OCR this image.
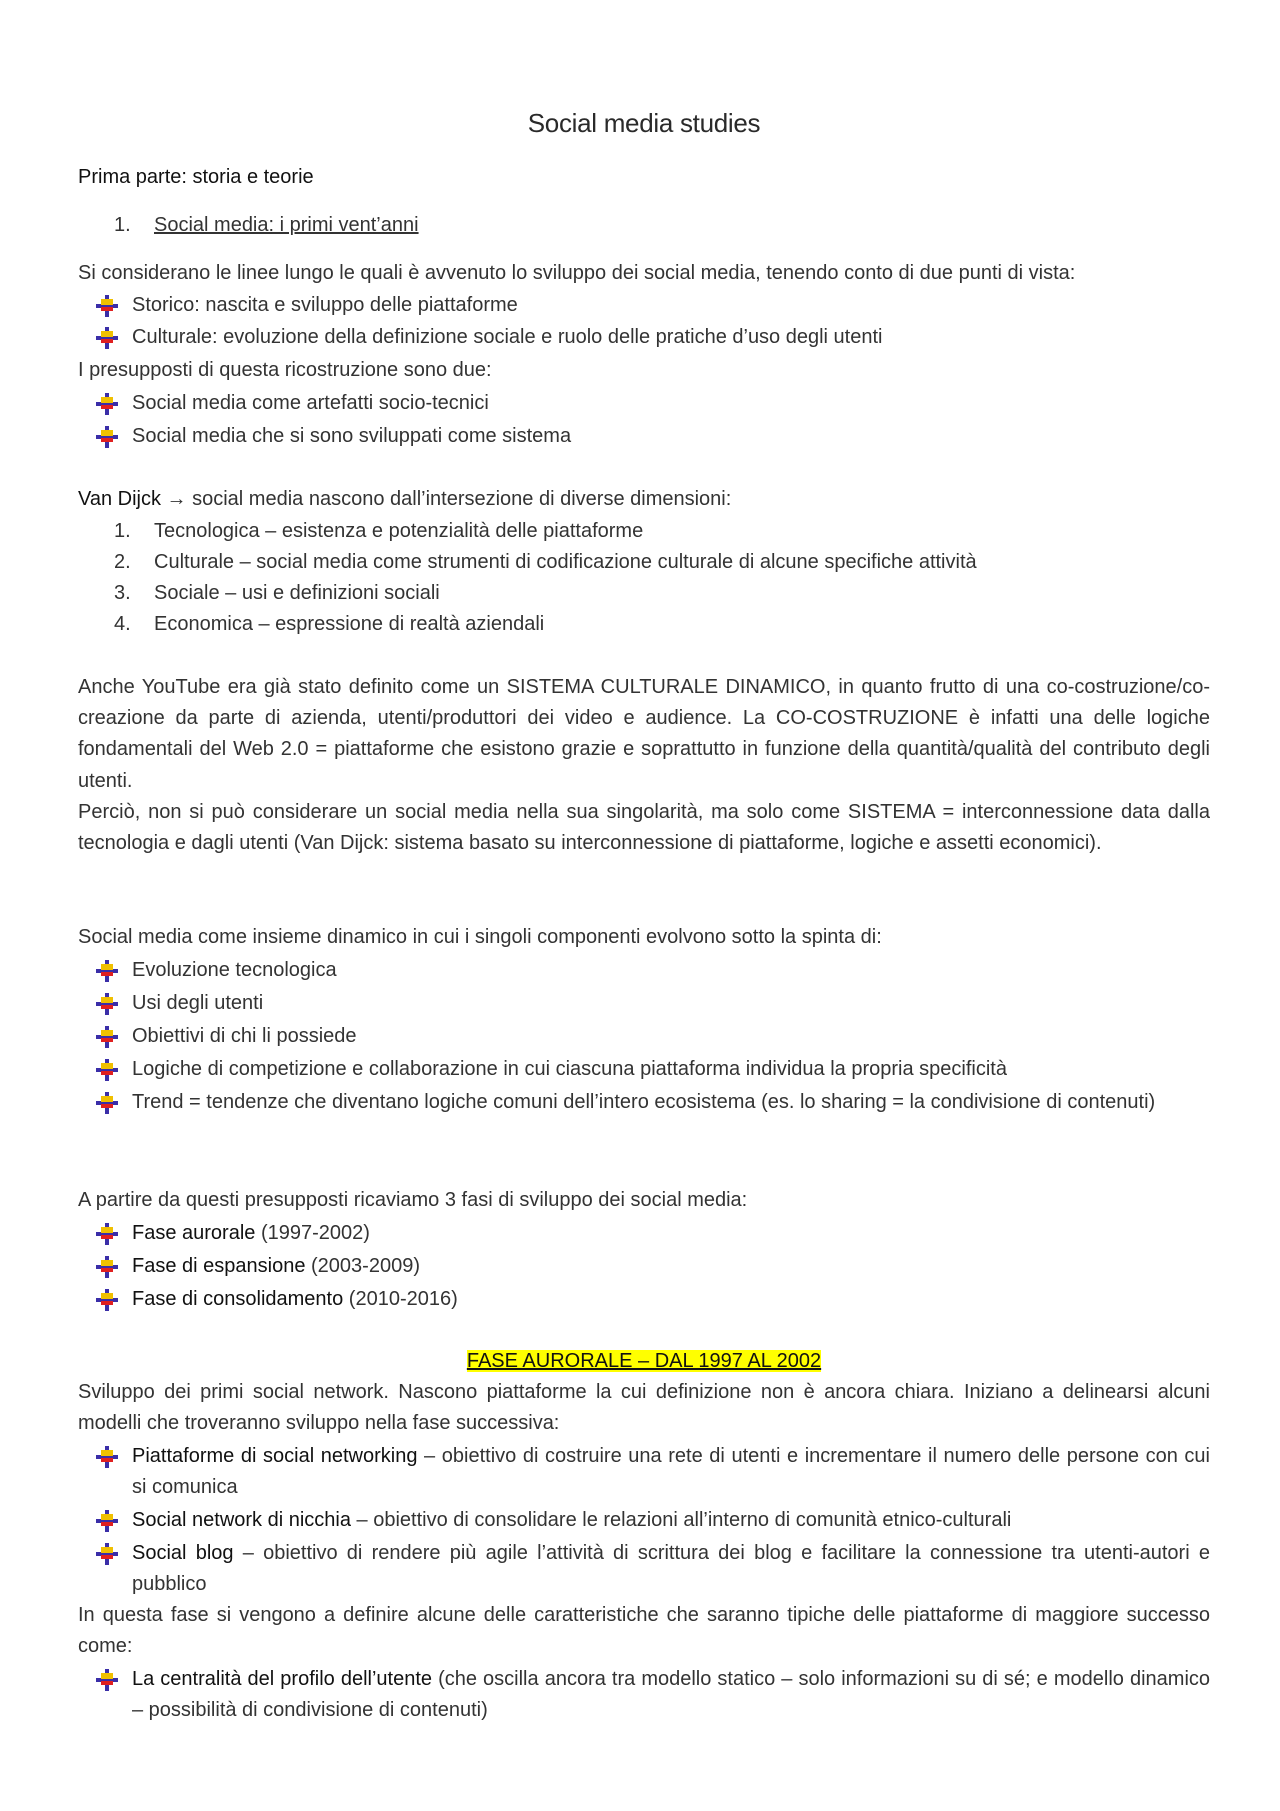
Social media studies
Prima parte: storia e teorie
1. Social media: i primi vent’anni
Si considerano le linee lungo le quali è avvenuto lo sviluppo dei social media, tenendo conto di due punti di vista:
Storico: nascita e sviluppo delle piattaforme
Culturale: evoluzione della definizione sociale e ruolo delle pratiche d’uso degli utenti
I presupposti di questa ricostruzione sono due:
Social media come artefatti socio-tecnici
Social media che si sono sviluppati come sistema
Van Dijck → social media nascono dall’intersezione di diverse dimensioni:
1. Tecnologica – esistenza e potenzialità delle piattaforme
2. Culturale – social media come strumenti di codificazione culturale di alcune specifiche attività
3. Sociale – usi e definizioni sociali
4. Economica – espressione di realtà aziendali
Anche YouTube era già stato definito come un SISTEMA CULTURALE DINAMICO, in quanto frutto di una co-costruzione/co-creazione da parte di azienda, utenti/produttori dei video e audience. La CO-COSTRUZIONE è infatti una delle logiche fondamentali del Web 2.0 = piattaforme che esistono grazie e soprattutto in funzione della quantità/qualità del contributo degli utenti.
Perciò, non si può considerare un social media nella sua singolarità, ma solo come SISTEMA = interconnessione data dalla tecnologia e dagli utenti (Van Dijck: sistema basato su interconnessione di piattaforme, logiche e assetti economici).
Social media come insieme dinamico in cui i singoli componenti evolvono sotto la spinta di:
Evoluzione tecnologica
Usi degli utenti
Obiettivi di chi li possiede
Logiche di competizione e collaborazione in cui ciascuna piattaforma individua la propria specificità
Trend = tendenze che diventano logiche comuni dell’intero ecosistema (es. lo sharing = la condivisione di contenuti)
A partire da questi presupposti ricaviamo 3 fasi di sviluppo dei social media:
Fase aurorale (1997-2002)
Fase di espansione (2003-2009)
Fase di consolidamento (2010-2016)
FASE AURORALE – DAL 1997 AL 2002
Sviluppo dei primi social network. Nascono piattaforme la cui definizione non è ancora chiara. Iniziano a delinearsi alcuni modelli che troveranno sviluppo nella fase successiva:
Piattaforme di social networking – obiettivo di costruire una rete di utenti e incrementare il numero delle persone con cui si comunica
Social network di nicchia – obiettivo di consolidare le relazioni all’interno di comunità etnico-culturali
Social blog – obiettivo di rendere più agile l’attività di scrittura dei blog e facilitare la connessione tra utenti-autori e pubblico
In questa fase si vengono a definire alcune delle caratteristiche che saranno tipiche delle piattaforme di maggiore successo come:
La centralità del profilo dell’utente (che oscilla ancora tra modello statico – solo informazioni su di sé; e modello dinamico – possibilità di condivisione di contenuti)
